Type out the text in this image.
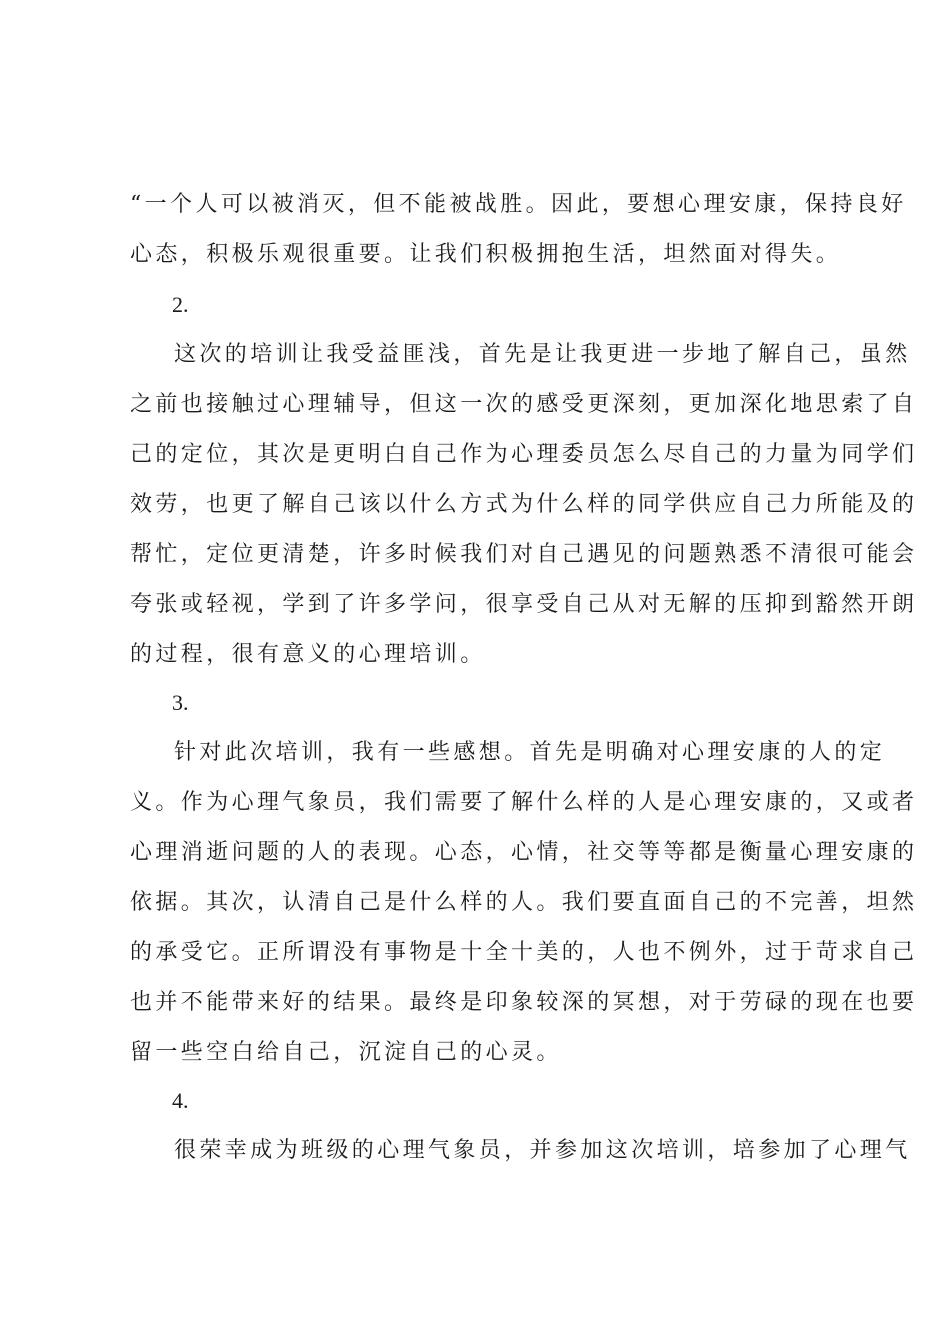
“一个人可以被消灭，但不能被战胜。因此，要想心理安康，保持良好
心态，积极乐观很重要。让我们积极拥抱生活，坦然面对得失。
2.
这次的培训让我受益匪浅，首先是让我更进一步地了解自己，虽然
之前也接触过心理辅导，但这一次的感受更深刻，更加深化地思索了自
己的定位，其次是更明白自己作为心理委员怎么尽自己的力量为同学们
效劳，也更了解自己该以什么方式为什么样的同学供应自己力所能及的
帮忙，定位更清楚，许多时候我们对自己遇见的问题熟悉不清很可能会
夸张或轻视，学到了许多学问，很享受自己从对无解的压抑到豁然开朗
的过程，很有意义的心理培训。
3.
针对此次培训，我有一些感想。首先是明确对心理安康的人的定
义。作为心理气象员，我们需要了解什么样的人是心理安康的，又或者
心理消逝问题的人的表现。心态，心情，社交等等都是衡量心理安康的
依据。其次，认清自己是什么样的人。我们要直面自己的不完善，坦然
的承受它。正所谓没有事物是十全十美的，人也不例外，过于苛求自己
也并不能带来好的结果。最终是印象较深的冥想，对于劳碌的现在也要
留一些空白给自己，沉淀自己的心灵。
4.
很荣幸成为班级的心理气象员，并参加这次培训，培参加了心理气
